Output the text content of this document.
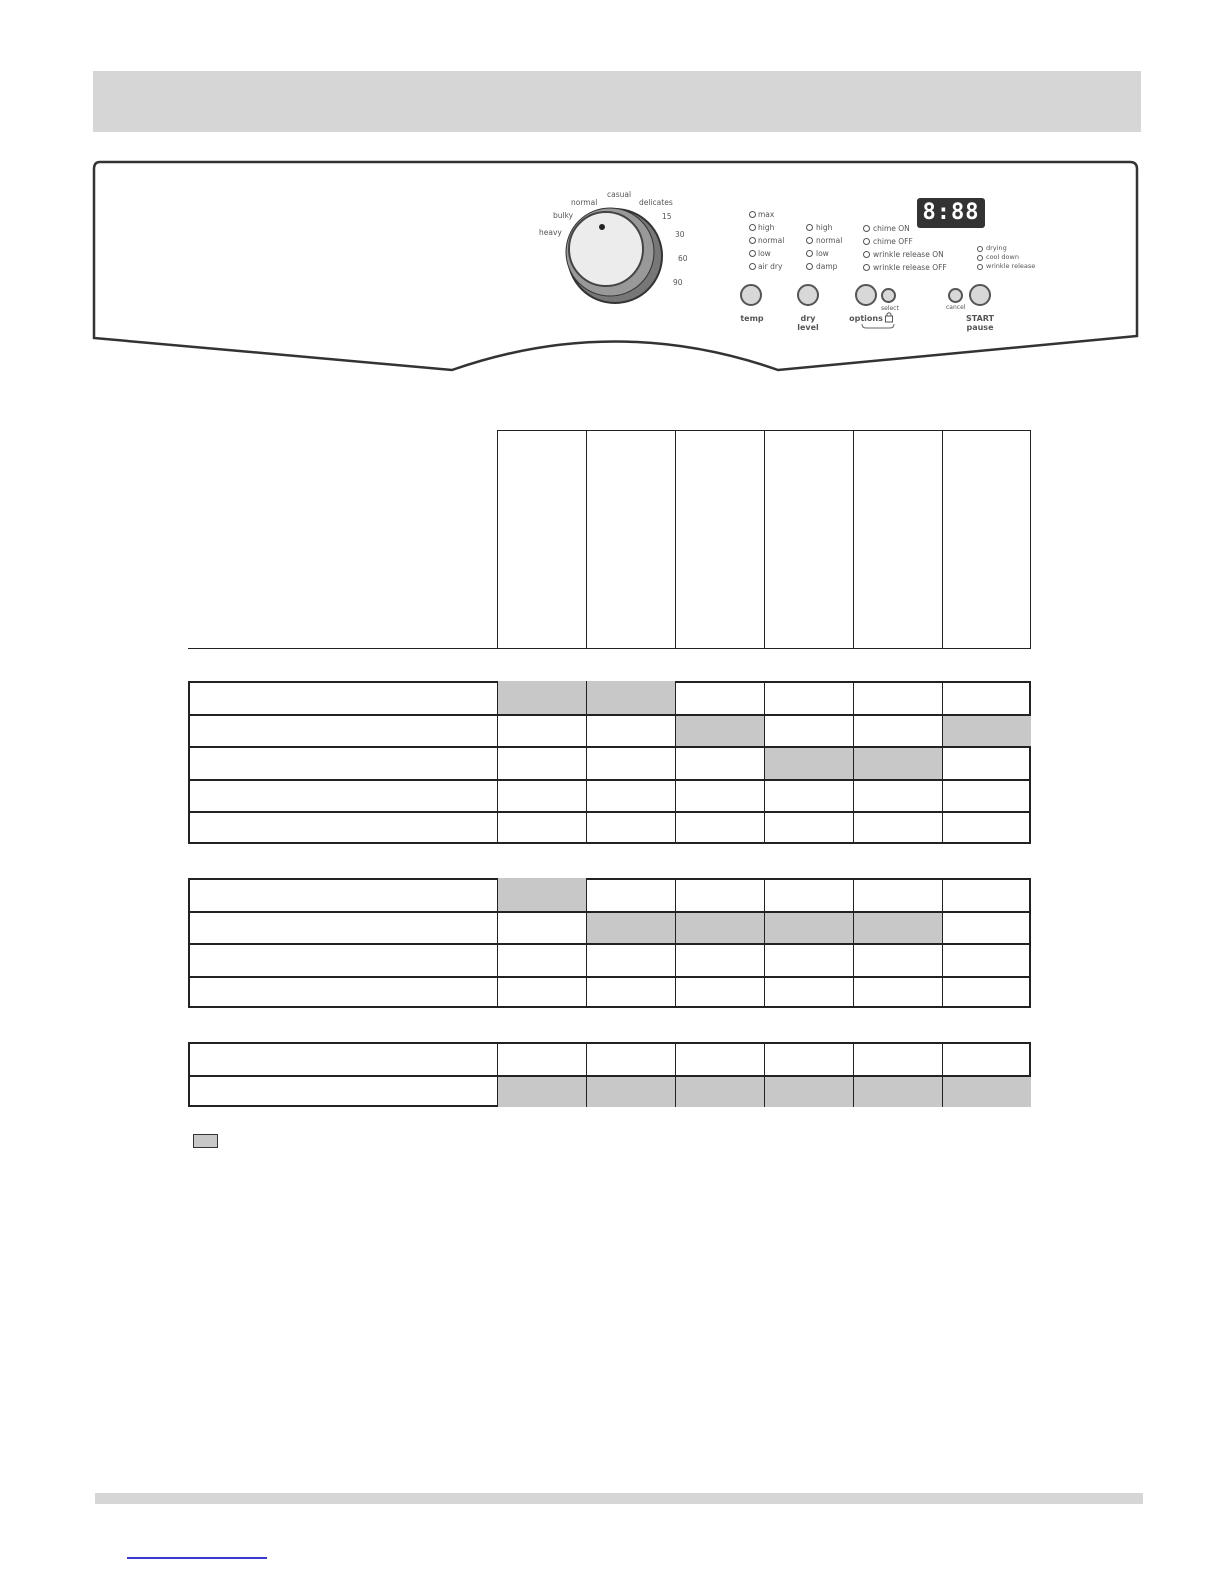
heavy
bulky
normal
casual
delicates
15
30
60
90
max
high
normal
low
air dry
high
normal
low
damp
chime ON
chime OFF
wrinkle release ON
wrinkle release OFF
8:88
drying
cool down
wrinkle release
temp	dry
level
select
options
cancel
START
pause
